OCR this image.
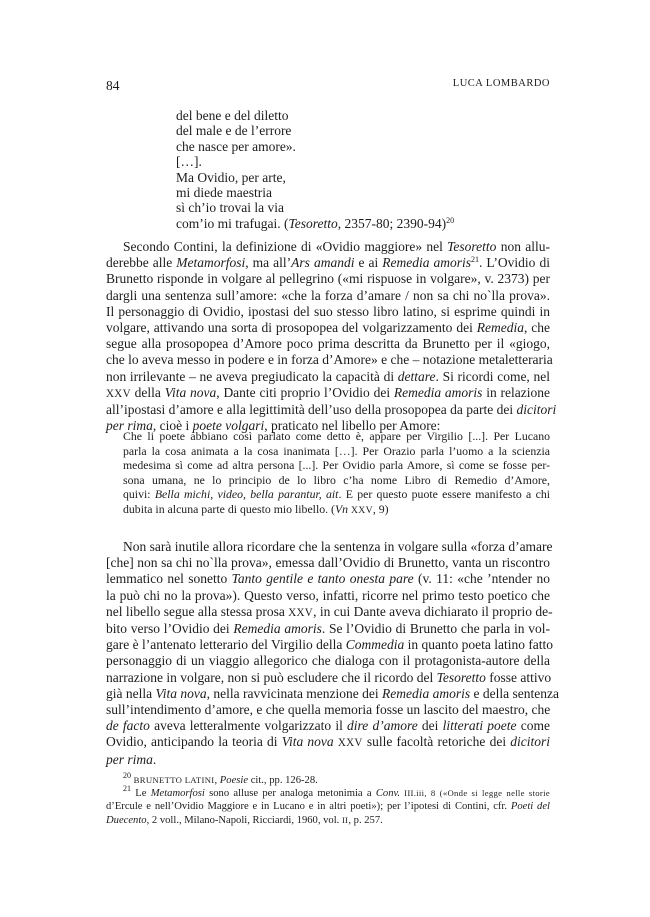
84	LUCA LOMBARDO
del bene e del diletto
del male e de l’errore
che nasce per amore».
[…].
Ma Ovidio, per arte,
mi diede maestria
sì ch’io trovai la via
com’io mi trafugai. (Tesoretto, 2357-80; 2390-94)$^{20}$
Secondo Contini, la definizione di «Ovidio maggiore» nel Tesoretto non allu-
derebbe alle Metamorfosi, ma all’Ars amandi e ai Remedia amoris$^{21}$. L’Ovidio di
Brunetto risponde in volgare al pellegrino («mi rispuose in volgare», v. 2373) per
dargli una sentenza sull’amore: «che la forza d’amare / non sa chi no`lla prova».
Il personaggio di Ovidio, ipostasi del suo stesso libro latino, si esprime quindi in
volgare, attivando una sorta di prosopopea del volgarizzamento dei Remedia, che
segue alla prosopopea d’Amore poco prima descritta da Brunetto per il «giogo,
che lo aveva messo in podere e in forza d’Amore» e che – notazione metaletteraria
non irrilevante – ne aveva pregiudicato la capacità di dettare. Si ricordi come, nel
XXV della Vita nova, Dante citi proprio l’Ovidio dei Remedia amoris in relazione
all’ipostasi d’amore e alla legittimità dell’uso della prosopopea da parte dei dicitori
per rima, cioè i poete volgari, praticato nel libello per Amore:
Che li poete abbiano così parlato come detto è, appare per Virgilio [...]. Per Lucano
parla la cosa animata a la cosa inanimata […]. Per Orazio parla l’uomo a la scienzia
medesima sì come ad altra persona [...]. Per Ovidio parla Amore, sì come se fosse per-
sona umana, ne lo principio de lo libro c’ha nome Libro di Remedio d’Amore,
quivi: Bella michi, video, bella parantur, ait. E per questo puote essere manifesto a chi
dubita in alcuna parte di questo mio libello. (Vn XXV, 9)
Non sarà inutile allora ricordare che la sentenza in volgare sulla «forza d’amare
[che] non sa chi no`lla prova», emessa dall’Ovidio di Brunetto, vanta un riscontro
lemmatico nel sonetto Tanto gentile e tanto onesta pare (v. 11: «che ’ntender no
la può chi no la prova»). Questo verso, infatti, ricorre nel primo testo poetico che
nel libello segue alla stessa prosa XXV, in cui Dante aveva dichiarato il proprio de-
bito verso l’Ovidio dei Remedia amoris. Se l’Ovidio di Brunetto che parla in vol-
gare è l’antenato letterario del Virgilio della Commedia in quanto poeta latino fatto
personaggio di un viaggio allegorico che dialoga con il protagonista-autore della
narrazione in volgare, non si può escludere che il ricordo del Tesoretto fosse attivo
già nella Vita nova, nella ravvicinata menzione dei Remedia amoris e della sentenza
sull’intendimento d’amore, e che quella memoria fosse un lascito del maestro, che
de facto aveva letteralmente volgarizzato il dire d’amore dei litterati poete come
Ovidio, anticipando la teoria di Vita nova XXV sulle facoltà retoriche dei dicitori
per rima.
$^{20}$ BRUNETTO LATINI, Poesie cit., pp. 126-28.
$^{21}$ Le Metamorfosi sono alluse per analoga metonimia a Conv. III.iii, 8 («Onde si legge nelle storie
d’Ercule e nell’Ovidio Maggiore e in Lucano e in altri poeti»); per l’ipotesi di Contini, cfr. Poeti del
Duecento, 2 voll., Milano-Napoli, Ricciardi, 1960, vol. II, p. 257.
